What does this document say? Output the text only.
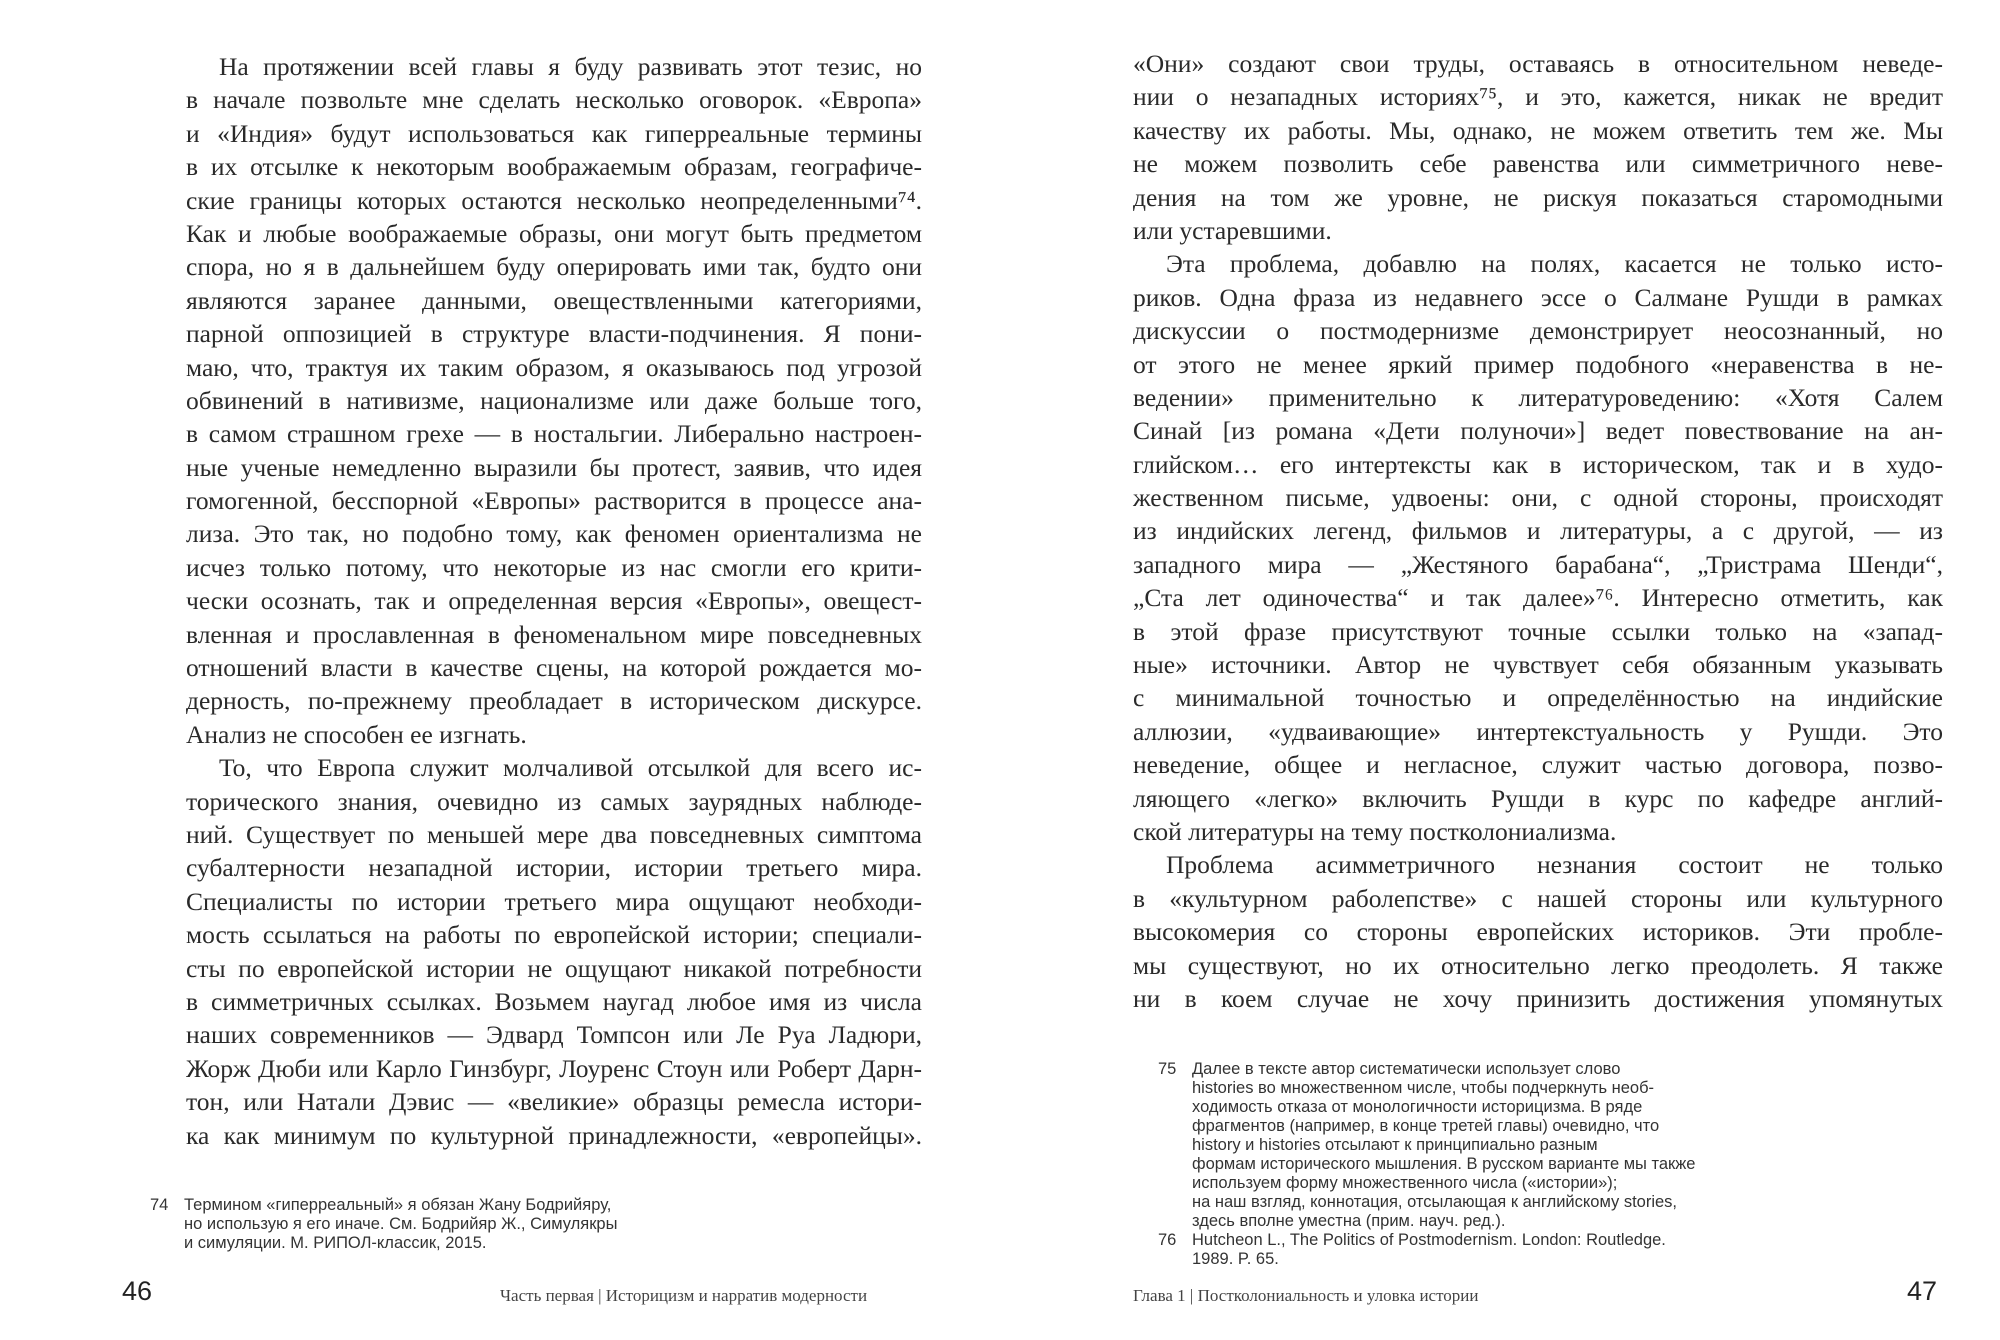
На протяжении всей главы я буду развивать этот тезис, но
в начале позвольте мне сделать несколько оговорок. «Европа»
и «Индия» будут использоваться как гиперреальные термины
в их отсылке к некоторым воображаемым образам, географиче-
ские границы которых остаются несколько неопределенными⁷⁴.
Как и любые воображаемые образы, они могут быть предметом
спора, но я в дальнейшем буду оперировать ими так, будто они
являются заранее данными, овеществленными категориями,
парной оппозицией в структуре власти-подчинения. Я пони-
маю, что, трактуя их таким образом, я оказываюсь под угрозой
обвинений в нативизме, национализме или даже больше того,
в самом страшном грехе — в ностальгии. Либерально настроен-
ные ученые немедленно выразили бы протест, заявив, что идея
гомогенной, бесспорной «Европы» растворится в процессе ана-
лиза. Это так, но подобно тому, как феномен ориентализма не
исчез только потому, что некоторые из нас смогли его крити-
чески осознать, так и определенная версия «Европы», овещест-
вленная и прославленная в феноменальном мире повседневных
отношений власти в качестве сцены, на которой рождается мо-
дерность, по-прежнему преобладает в историческом дискурсе.
Анализ не способен ее изгнать.
То, что Европа служит молчаливой отсылкой для всего ис-
торического знания, очевидно из самых заурядных наблюде-
ний. Существует по меньшей мере два повседневных симптома
субалтерности незападной истории, истории третьего мира.
Специалисты по истории третьего мира ощущают необходи-
мость ссылаться на работы по европейской истории; специали-
сты по европейской истории не ощущают никакой потребности
в симметричных ссылках. Возьмем наугад любое имя из числа
наших современников — Эдвард Томпсон или Ле Руа Ладюри,
Жорж Дюби или Карло Гинзбург, Лоуренс Стоун или Роберт Дарн-
тон, или Натали Дэвис — «великие» образцы ремесла истори-
ка как минимум по культурной принадлежности, «европейцы».
74 Термином «гиперреальный» я обязан Жану Бодрийяру,
но использую я его иначе. См. Бодрийяр Ж., Симулякры
и симуляции. М. РИПОЛ-классик, 2015.
46	Часть первая | Историцизм и нарратив модерности
«Они» создают свои труды, оставаясь в относительном неведе-
нии о незападных историях⁷⁵, и это, кажется, никак не вредит
качеству их работы. Мы, однако, не можем ответить тем же. Мы
не можем позволить себе равенства или симметричного неве-
дения на том же уровне, не рискуя показаться старомодными
или устаревшими.
Эта проблема, добавлю на полях, касается не только исто-
риков. Одна фраза из недавнего эссе о Салмане Рушди в рамках
дискуссии о постмодернизме демонстрирует неосознанный, но
от этого не менее яркий пример подобного «неравенства в не-
ведении» применительно к литературоведению: «Хотя Салем
Синай [из романа «Дети полуночи»] ведет повествование на ан-
глийском… его интертексты как в историческом, так и в худо-
жественном письме, удвоены: они, с одной стороны, происходят
из индийских легенд, фильмов и литературы, а с другой, — из
западного мира — „Жестяного барабана“, „Тристрама Шенди“,
„Ста лет одиночества“ и так далее»⁷⁶. Интересно отметить, как
в этой фразе присутствуют точные ссылки только на «запад-
ные» источники. Автор не чувствует себя обязанным указывать
с минимальной точностью и определённостью на индийские
аллюзии, «удваивающие» интертекстуальность у Рушди. Это
неведение, общее и негласное, служит частью договора, позво-
ляющего «легко» включить Рушди в курс по кафедре англий-
ской литературы на тему постколониализма.
Проблема асимметричного незнания состоит не только
в «культурном раболепстве» с нашей стороны или культурного
высокомерия со стороны европейских историков. Эти пробле-
мы существуют, но их относительно легко преодолеть. Я также
ни в коем случае не хочу принизить достижения упомянутых
75 Далее в тексте автор систематически использует слово
histories во множественном числе, чтобы подчеркнуть необ-
ходимость отказа от монологичности историцизма. В ряде
фрагментов (например, в конце третей главы) очевидно, что
history и histories отсылают к принципиально разным
формам исторического мышления. В русском варианте мы также
используем форму множественного числа («истории»);
на наш взгляд, коннотация, отсылающая к английскому stories,
здесь вполне уместна (прим. науч. ред.).
76 Hutcheon L., The Politics of Postmodernism. London: Routledge.
1989. P. 65.
47
Глава 1 | Постколониальность и уловка истории
